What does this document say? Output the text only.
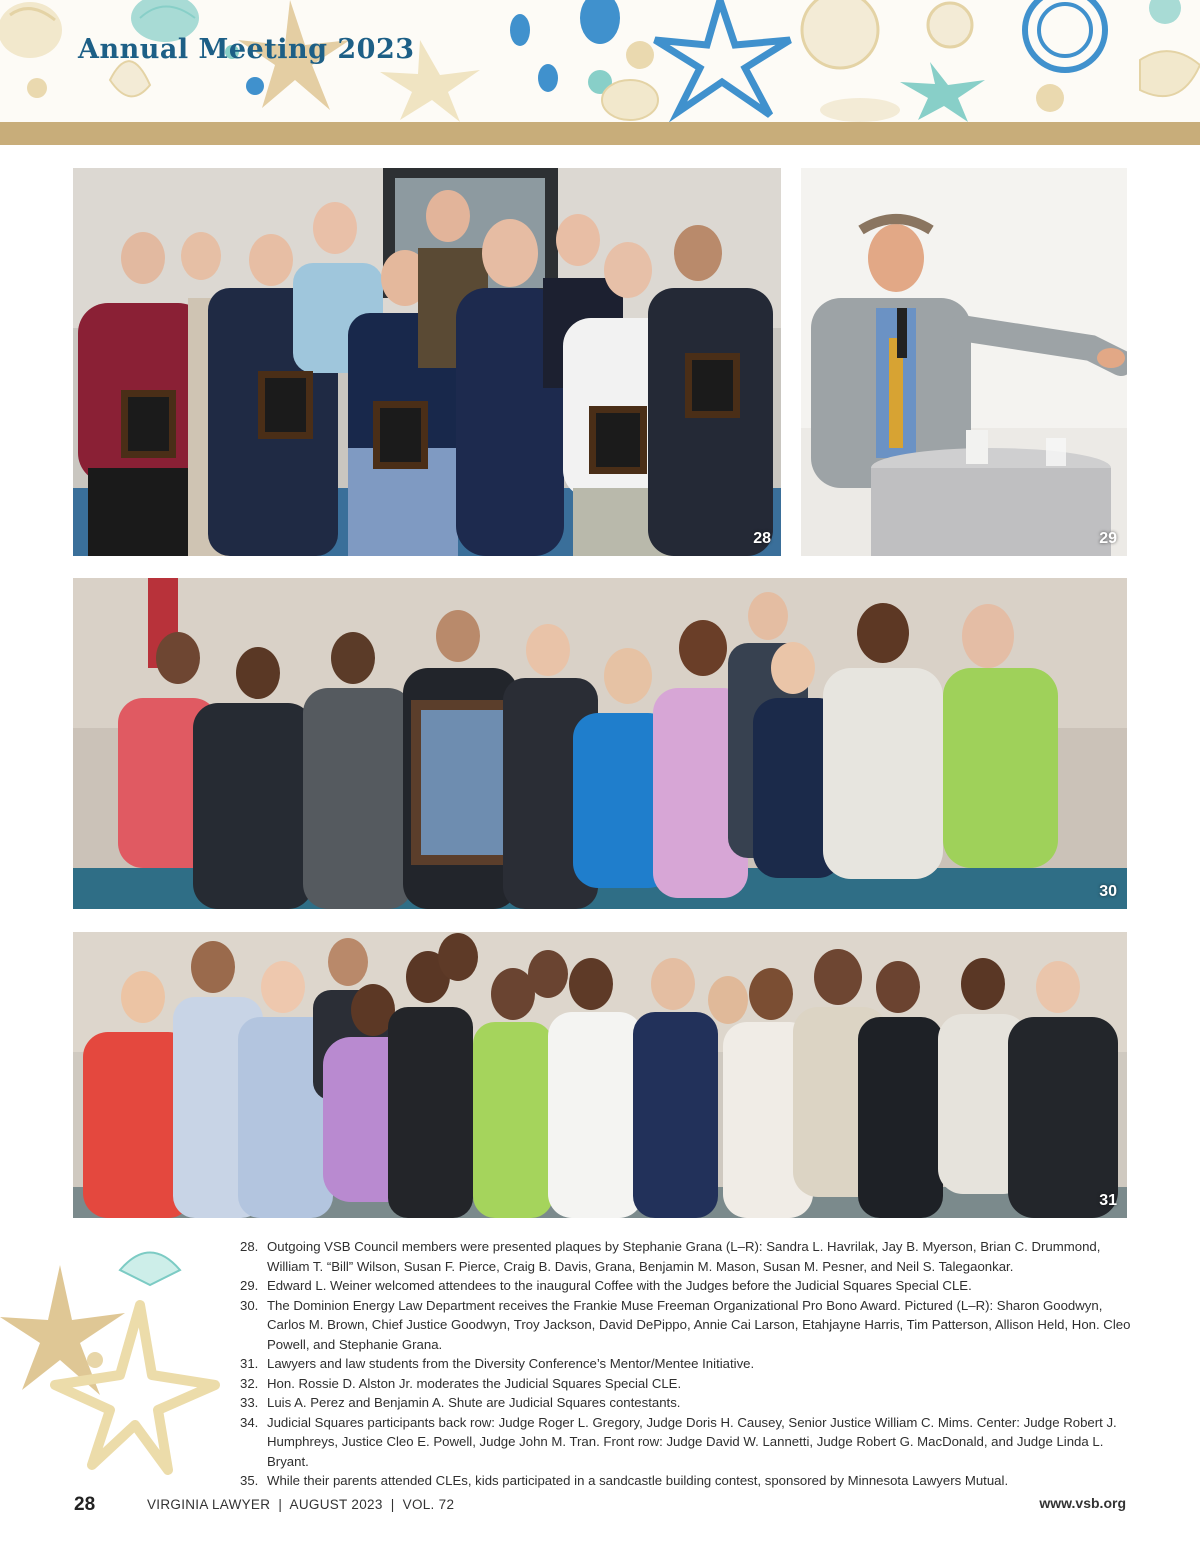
Annual Meeting 2023
28	29
30
31
28. Outgoing VSB Council members were presented plaques by Stephanie Grana (L–R): Sandra L. Havrilak, Jay B. Myerson, Brian C. Drummond, William T. “Bill” Wilson, Susan F. Pierce, Craig B. Davis, Grana, Benjamin M. Mason, Susan M. Pesner, and Neil S. Talegaonkar.
29. Edward L. Weiner welcomed attendees to the inaugural Coffee with the Judges before the Judicial Squares Special CLE.
30. The Dominion Energy Law Department receives the Frankie Muse Freeman Organizational Pro Bono Award. Pictured (L–R): Sharon Goodwyn, Carlos M. Brown, Chief Justice Goodwyn, Troy Jackson, David DePippo, Annie Cai Larson, Etahjayne Harris, Tim Patterson, Allison Held, Hon. Cleo Powell, and Stephanie Grana.
31. Lawyers and law students from the Diversity Conference’s Mentor/Mentee Initiative.
32. Hon. Rossie D. Alston Jr. moderates the Judicial Squares Special CLE.
33. Luis A. Perez and Benjamin A. Shute are Judicial Squares contestants.
34. Judicial Squares participants back row: Judge Roger L. Gregory, Judge Doris H. Causey, Senior Justice William C. Mims. Center: Judge Robert J. Humphreys, Justice Cleo E. Powell, Judge John M. Tran. Front row: Judge David W. Lannetti, Judge Robert G. MacDonald, and Judge Linda L. Bryant.
35. While their parents attended CLEs, kids participated in a sandcastle building contest, sponsored by Minnesota Lawyers Mutual.
28	VIRGINIA LAWYER  |  AUGUST 2023  |  VOL. 72	www.vsb.org
